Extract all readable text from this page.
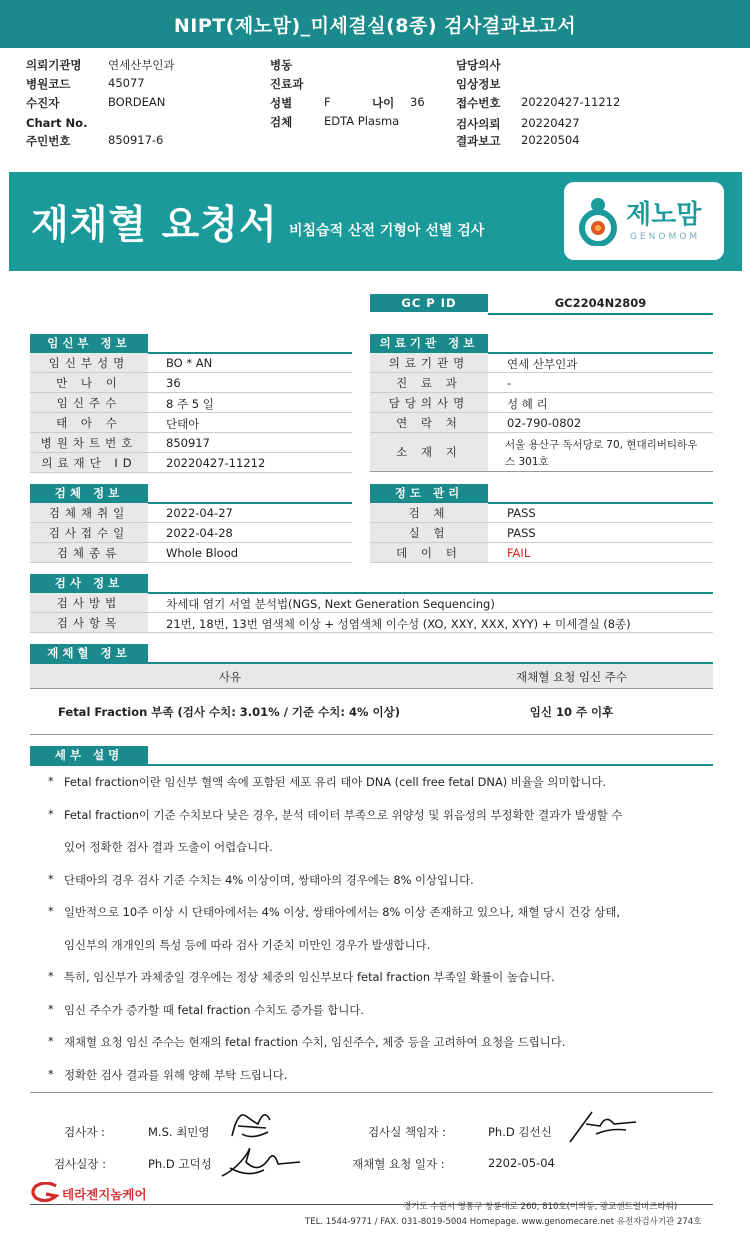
NIPT(제노맘)_미세결실(8종) 검사결과보고서
의뢰기관명 연세산부인과
병원코드	45077
수진자	BORDEAN
Chart No.
주민번호	850917-6
병동
진료과
성별	F	나이 36
검체	EDTA Plasma
담당의사
임상정보
접수번호 20220427-11212
검사의뢰 20220427
결과보고 20220504
재채혈 요청서 비침습적 산전 기형아 선별 검사
제노맘
GENOMOM
GC P ID	GC2204N2809
임신부 정보
임신부성명	BO * AN
만 나 이	36
임신주수	8 주 5 일
태 아 수	단태아
병원차트번호	850917
의료재단 ID	20220427-11212
의료기관 정보
의료기관명	연세 산부인과
진 료 과	-
담당의사명	성 혜 리
연 락 처	02-790-0802
소 재 지	서울 용산구 독서당로 70, 현대리버티하우
스 301호
검체 정보
검체채취일	2022-04-27
검사접수일	2022-04-28
검체종류	Whole Blood
정도 관리
검 체	PASS
실 험	PASS
데 이 터	FAIL
검사 정보
검사방법	차세대 염기 서열 분석법(NGS, Next Generation Sequencing)
검사항목	21번, 18번, 13번 염색체 이상 + 성염색체 이수성 (XO, XXY, XXX, XYY) + 미세결실 (8종)
재채혈 정보
사유	재채혈 요청 임신 주수
Fetal Fraction 부족 (검사 수치: 3.01% / 기준 수치: 4% 이상)	임신 10 주 이후
세부 설명
* Fetal fraction이란 임신부 혈액 속에 포함된 세포 유리 태아 DNA (cell free fetal DNA) 비율을 의미합니다.
* Fetal fraction이 기준 수치보다 낮은 경우, 분석 데이터 부족으로 위양성 및 위음성의 부정확한 결과가 발생할 수
있어 정확한 검사 결과 도출이 어렵습니다.
* 단태아의 경우 검사 기준 수치는 4% 이상이며, 쌍태아의 경우에는 8% 이상입니다.
* 일반적으로 10주 이상 시 단태아에서는 4% 이상, 쌍태아에서는 8% 이상 존재하고 있으나, 채혈 당시 건강 상태,
임신부의 개개인의 특성 등에 따라 검사 기준치 미만인 경우가 발생합니다.
* 특히, 임신부가 과체중일 경우에는 정상 체중의 임신부보다 fetal fraction 부족일 확률이 높습니다.
* 임신 주수가 증가할 때 fetal fraction 수치도 증가를 합니다.
* 재채혈 요청 임신 주수는 현재의 fetal fraction 수치, 임신주수, 체중 등을 고려하여 요청을 드립니다.
* 정확한 검사 결과를 위해 양해 부탁 드립니다.
검사자 :	M.S. 최민영	검사실 책임자 :	Ph.D 김선신
검사실장 :	Ph.D 고덕성	재채혈 요청 일자 :	2202-05-04
테라젠지놈케어
경기도 수원시 영통구 창룡대로 260, 810호(이의동, 광교센트럴비즈타워)
TEL. 1544-9771 / FAX. 031-8019-5004 Homepage. www.genomecare.net 유전자검사기관 274호
